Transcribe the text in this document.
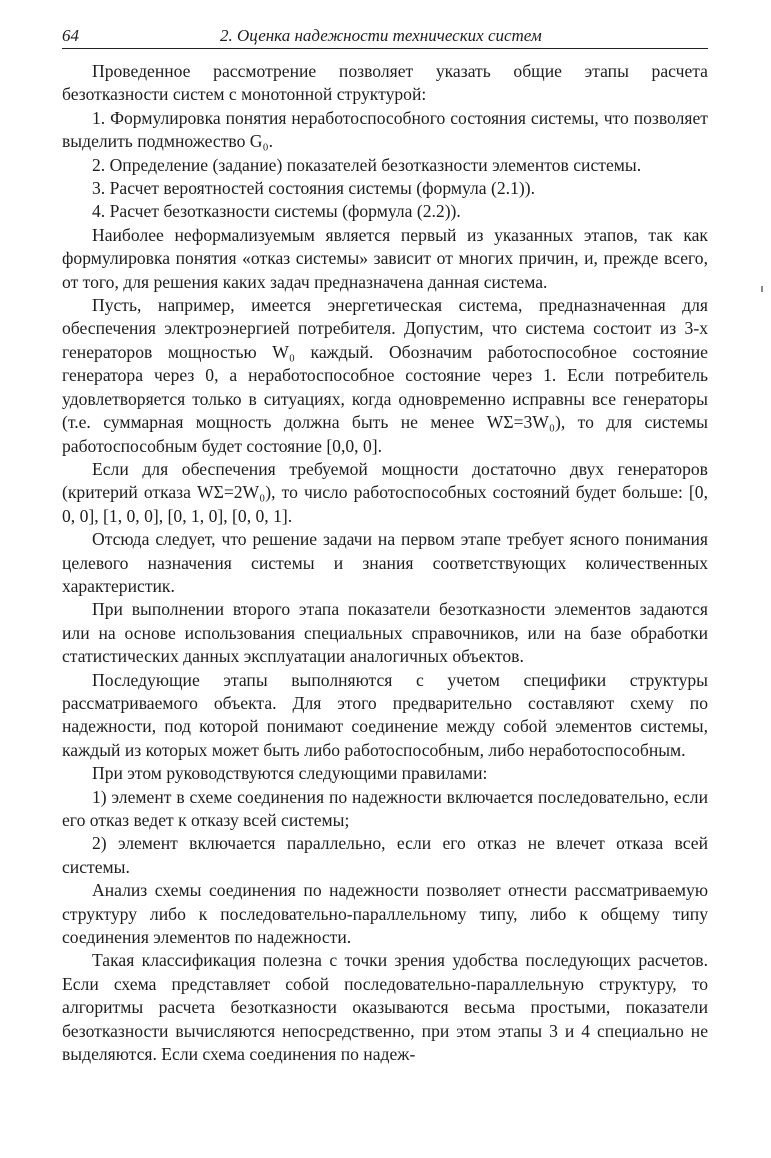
64	2. Оценка надежности технических систем

Проведенное рассмотрение позволяет указать общие этапы расчета безотказности систем с монотонной структурой:

1. Формулировка понятия неработоспособного состояния системы, что позволяет выделить подмножество G₀.

2. Определение (задание) показателей безотказности элементов системы.

3. Расчет вероятностей состояния системы (формула (2.1)).

4. Расчет безотказности системы (формула (2.2)).

Наиболее неформализуемым является первый из указанных этапов, так как формулировка понятия «отказ системы» зависит от многих причин, и, прежде всего, от того, для решения каких задач предназначена данная система.

Пусть, например, имеется энергетическая система, предназначенная для обеспечения электроэнергией потребителя. Допустим, что система состоит из 3-х генераторов мощностью W₀ каждый. Обозначим работоспособное состояние генератора через 0, а неработоспособное состояние через 1. Если потребитель удовлетворяется только в ситуациях, когда одновременно исправны все генераторы (т.е. суммарная мощность должна быть не менее WΣ=3W₀), то для системы работоспособным будет состояние [0,0, 0].

Если для обеспечения требуемой мощности достаточно двух генераторов (критерий отказа WΣ=2W₀), то число работоспособных состояний будет больше: [0, 0, 0], [1, 0, 0], [0, 1, 0], [0, 0, 1].

Отсюда следует, что решение задачи на первом этапе требует ясного понимания целевого назначения системы и знания соответствующих количественных характеристик.

При выполнении второго этапа показатели безотказности элементов задаются или на основе использования специальных справочников, или на базе обработки статистических данных эксплуатации аналогичных объектов.

Последующие этапы выполняются с учетом специфики структуры рассматриваемого объекта. Для этого предварительно составляют схему по надежности, под которой понимают соединение между собой элементов системы, каждый из которых может быть либо работоспособным, либо неработоспособным.

При этом руководствуются следующими правилами:

1) элемент в схеме соединения по надежности включается последовательно, если его отказ ведет к отказу всей системы;

2) элемент включается параллельно, если его отказ не влечет отказа всей системы.

Анализ схемы соединения по надежности позволяет отнести рассматриваемую структуру либо к последовательно-параллельному типу, либо к общему типу соединения элементов по надежности.

Такая классификация полезна с точки зрения удобства последующих расчетов. Если схема представляет собой последовательно-параллельную структуру, то алгоритмы расчета безотказности оказываются весьма простыми, показатели безотказности вычисляются непосредственно, при этом этапы 3 и 4 специально не выделяются. Если схема соединения по надеж-
